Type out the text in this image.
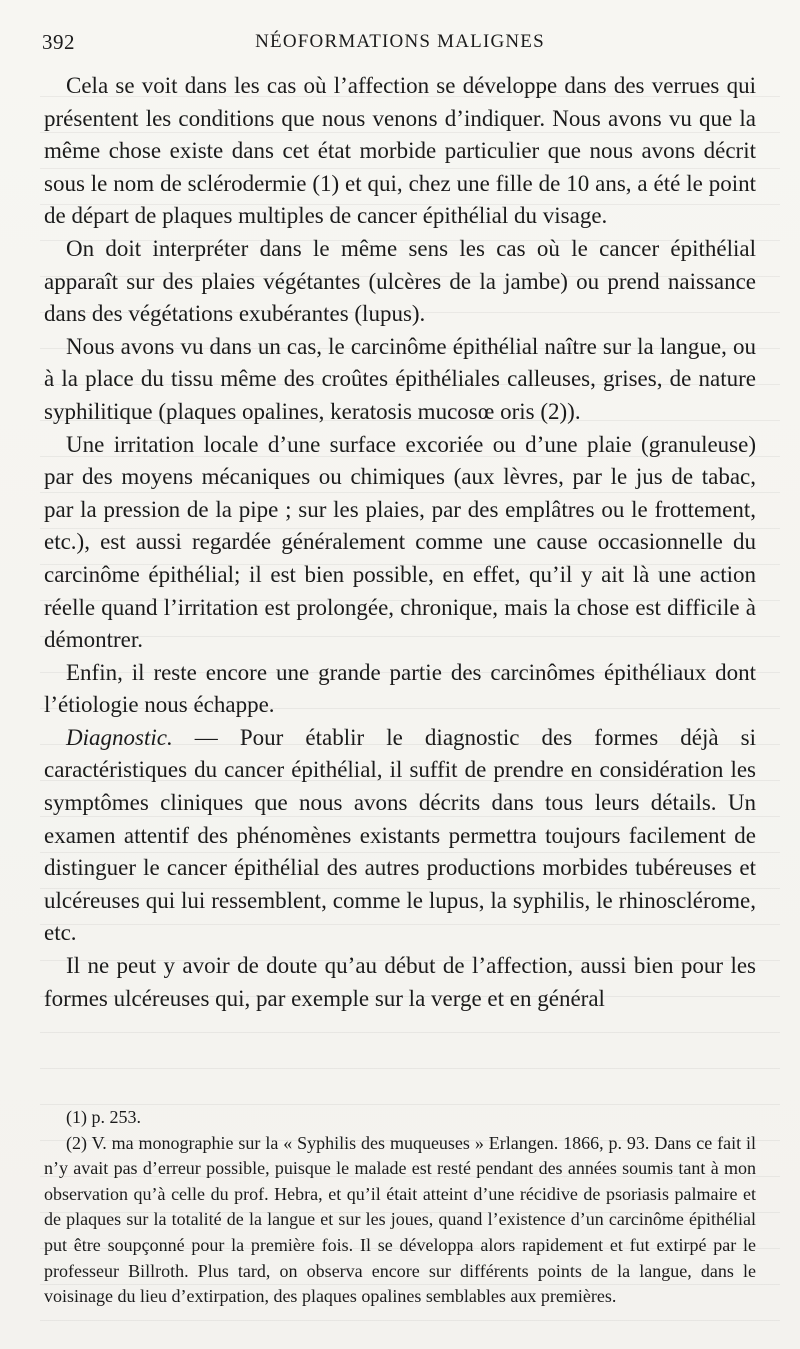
392	NÉOFORMATIONS MALIGNES

Cela se voit dans les cas où l’affection se développe dans des verrues qui présentent les conditions que nous venons d’indiquer. Nous avons vu que la même chose existe dans cet état morbide particulier que nous avons décrit sous le nom de sclérodermie (1) et qui, chez une fille de 10 ans, a été le point de départ de plaques multiples de cancer épithélial du visage.

On doit interpréter dans le même sens les cas où le cancer épithélial apparaît sur des plaies végétantes (ulcères de la jambe) ou prend naissance dans des végétations exubérantes (lupus).

Nous avons vu dans un cas, le carcinôme épithélial naître sur la langue, ou à la place du tissu même des croûtes épithéliales calleuses, grises, de nature syphilitique (plaques opalines, keratosis mucosœ oris (2)).

Une irritation locale d’une surface excoriée ou d’une plaie (granuleuse) par des moyens mécaniques ou chimiques (aux lèvres, par le jus de tabac, par la pression de la pipe ; sur les plaies, par des emplâtres ou le frottement, etc.), est aussi regardée généralement comme une cause occasionnelle du carcinôme épithélial; il est bien possible, en effet, qu’il y ait là une action réelle quand l’irritation est prolongée, chronique, mais la chose est difficile à démontrer.

Enfin, il reste encore une grande partie des carcinômes épithéliaux dont l’étiologie nous échappe.

Diagnostic. — Pour établir le diagnostic des formes déjà si caractéristiques du cancer épithélial, il suffit de prendre en considération les symptômes cliniques que nous avons décrits dans tous leurs détails. Un examen attentif des phénomènes existants permettra toujours facilement de distinguer le cancer épithélial des autres productions morbides tubéreuses et ulcéreuses qui lui ressemblent, comme le lupus, la syphilis, le rhinosclérome, etc.

Il ne peut y avoir de doute qu’au début de l’affection, aussi bien pour les formes ulcéreuses qui, par exemple sur la verge et en général

(1) p. 253.

(2) V. ma monographie sur la « Syphilis des muqueuses » Erlangen. 1866, p. 93. Dans ce fait il n’y avait pas d’erreur possible, puisque le malade est resté pendant des années soumis tant à mon observation qu’à celle du prof. Hebra, et qu’il était atteint d’une récidive de psoriasis palmaire et de plaques sur la totalité de la langue et sur les joues, quand l’existence d’un carcinôme épithélial put être soupçonné pour la première fois. Il se développa alors rapidement et fut extirpé par le professeur Billroth. Plus tard, on observa encore sur différents points de la langue, dans le voisinage du lieu d’extirpation, des plaques opalines semblables aux premières.
